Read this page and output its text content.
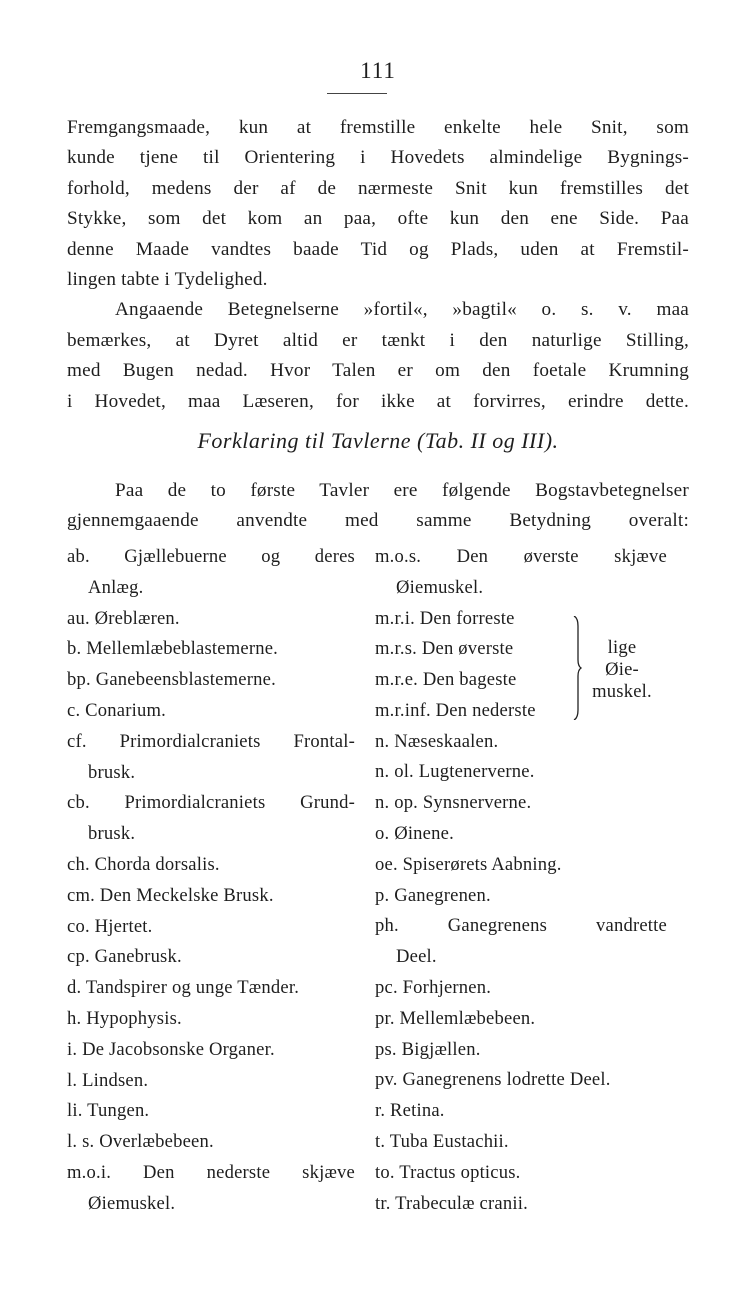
111
Fremgangsmaade, kun at fremstille enkelte hele Snit, som
kunde tjene til Orientering i Hovedets almindelige Bygnings-
forhold, medens der af de nærmeste Snit kun fremstilles det
Stykke, som det kom an paa, ofte kun den ene Side. Paa
denne Maade vandtes baade Tid og Plads, uden at Fremstil-
lingen tabte i Tydelighed.
Angaaende Betegnelserne »fortil«, »bagtil« o. s. v. maa
bemærkes, at Dyret altid er tænkt i den naturlige Stilling,
med Bugen nedad. Hvor Talen er om den foetale Krumning
i Hovedet, maa Læseren, for ikke at forvirres, erindre dette.
Forklaring til Tavlerne (Tab. II og III).
Paa de to første Tavler ere følgende Bogstavbetegnelser
gjennemgaaende anvendte med samme Betydning overalt:
ab. Gjællebuerne og deres
Anlæg.
au. Øreblæren.
b. Mellemlæbeblastemerne.
bp. Ganebeensblastemerne.
c. Conarium.
cf. Primordialcraniets Frontal-
brusk.
cb. Primordialcraniets Grund-
brusk.
ch. Chorda dorsalis.
cm. Den Meckelske Brusk.
co. Hjertet.
cp. Ganebrusk.
d. Tandspirer og unge Tænder.
h. Hypophysis.
i. De Jacobsonske Organer.
l. Lindsen.
li. Tungen.
l. s. Overlæbebeen.
m.o.i. Den nederste skjæve
Øiemuskel.
m.o.s. Den øverste skjæve
Øiemuskel.
m.r.i. Den forreste
m.r.s. Den øverste
m.r.e. Den bageste
m.r.inf. Den nederste
lige
Øie-
muskel.
n. Næseskaalen.
n. ol. Lugtenerverne.
n. op. Synsnerverne.
o. Øinene.
oe. Spiserørets Aabning.
p. Ganegrenen.
ph. Ganegrenens vandrette
Deel.
pc. Forhjernen.
pr. Mellemlæbebeen.
ps. Bigjællen.
pv. Ganegrenens lodrette Deel.
r. Retina.
t. Tuba Eustachii.
to. Tractus opticus.
tr. Trabeculæ cranii.
